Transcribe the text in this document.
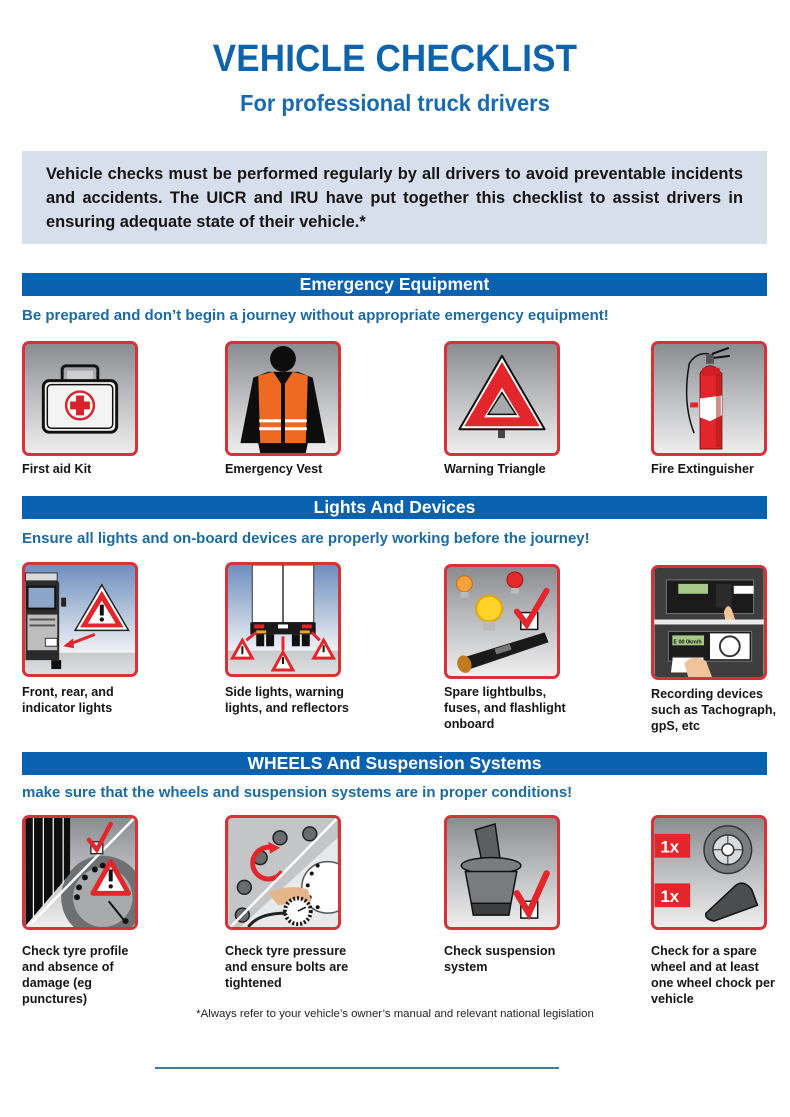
VEHICLE CHECKLIST
For professional truck drivers

Vehicle checks must be performed regularly by all drivers to avoid preventable incidents and accidents. The UICR and IRU have put together this checklist to assist drivers in ensuring adequate state of their vehicle.*

Emergency Equipment
Be prepared and don’t begin a journey without appropriate emergency equipment!
First aid Kit	Emergency Vest	Warning Triangle	Fire Extinguisher
Lights And Devices
Ensure all lights and on-board devices are properly working before the journey!
Front, rear, and indicator lights
Side lights, warning lights, and reflectors
Spare lightbulbs, fuses, and flashlight onboard
E 00 0km/h
Recording devices such as Tachograph, gpS, etc
WHEELS And Suspension Systems
make sure that the wheels and suspension systems are in proper conditions!
Check tyre profile and absence of damage (eg punctures)
Check tyre pressure and ensure bolts are tightened
Check suspension system
1x
1x
Check for a spare wheel and at least one wheel chock per vehicle
*Always refer to your vehicle’s owner’s manual and relevant national legislation
